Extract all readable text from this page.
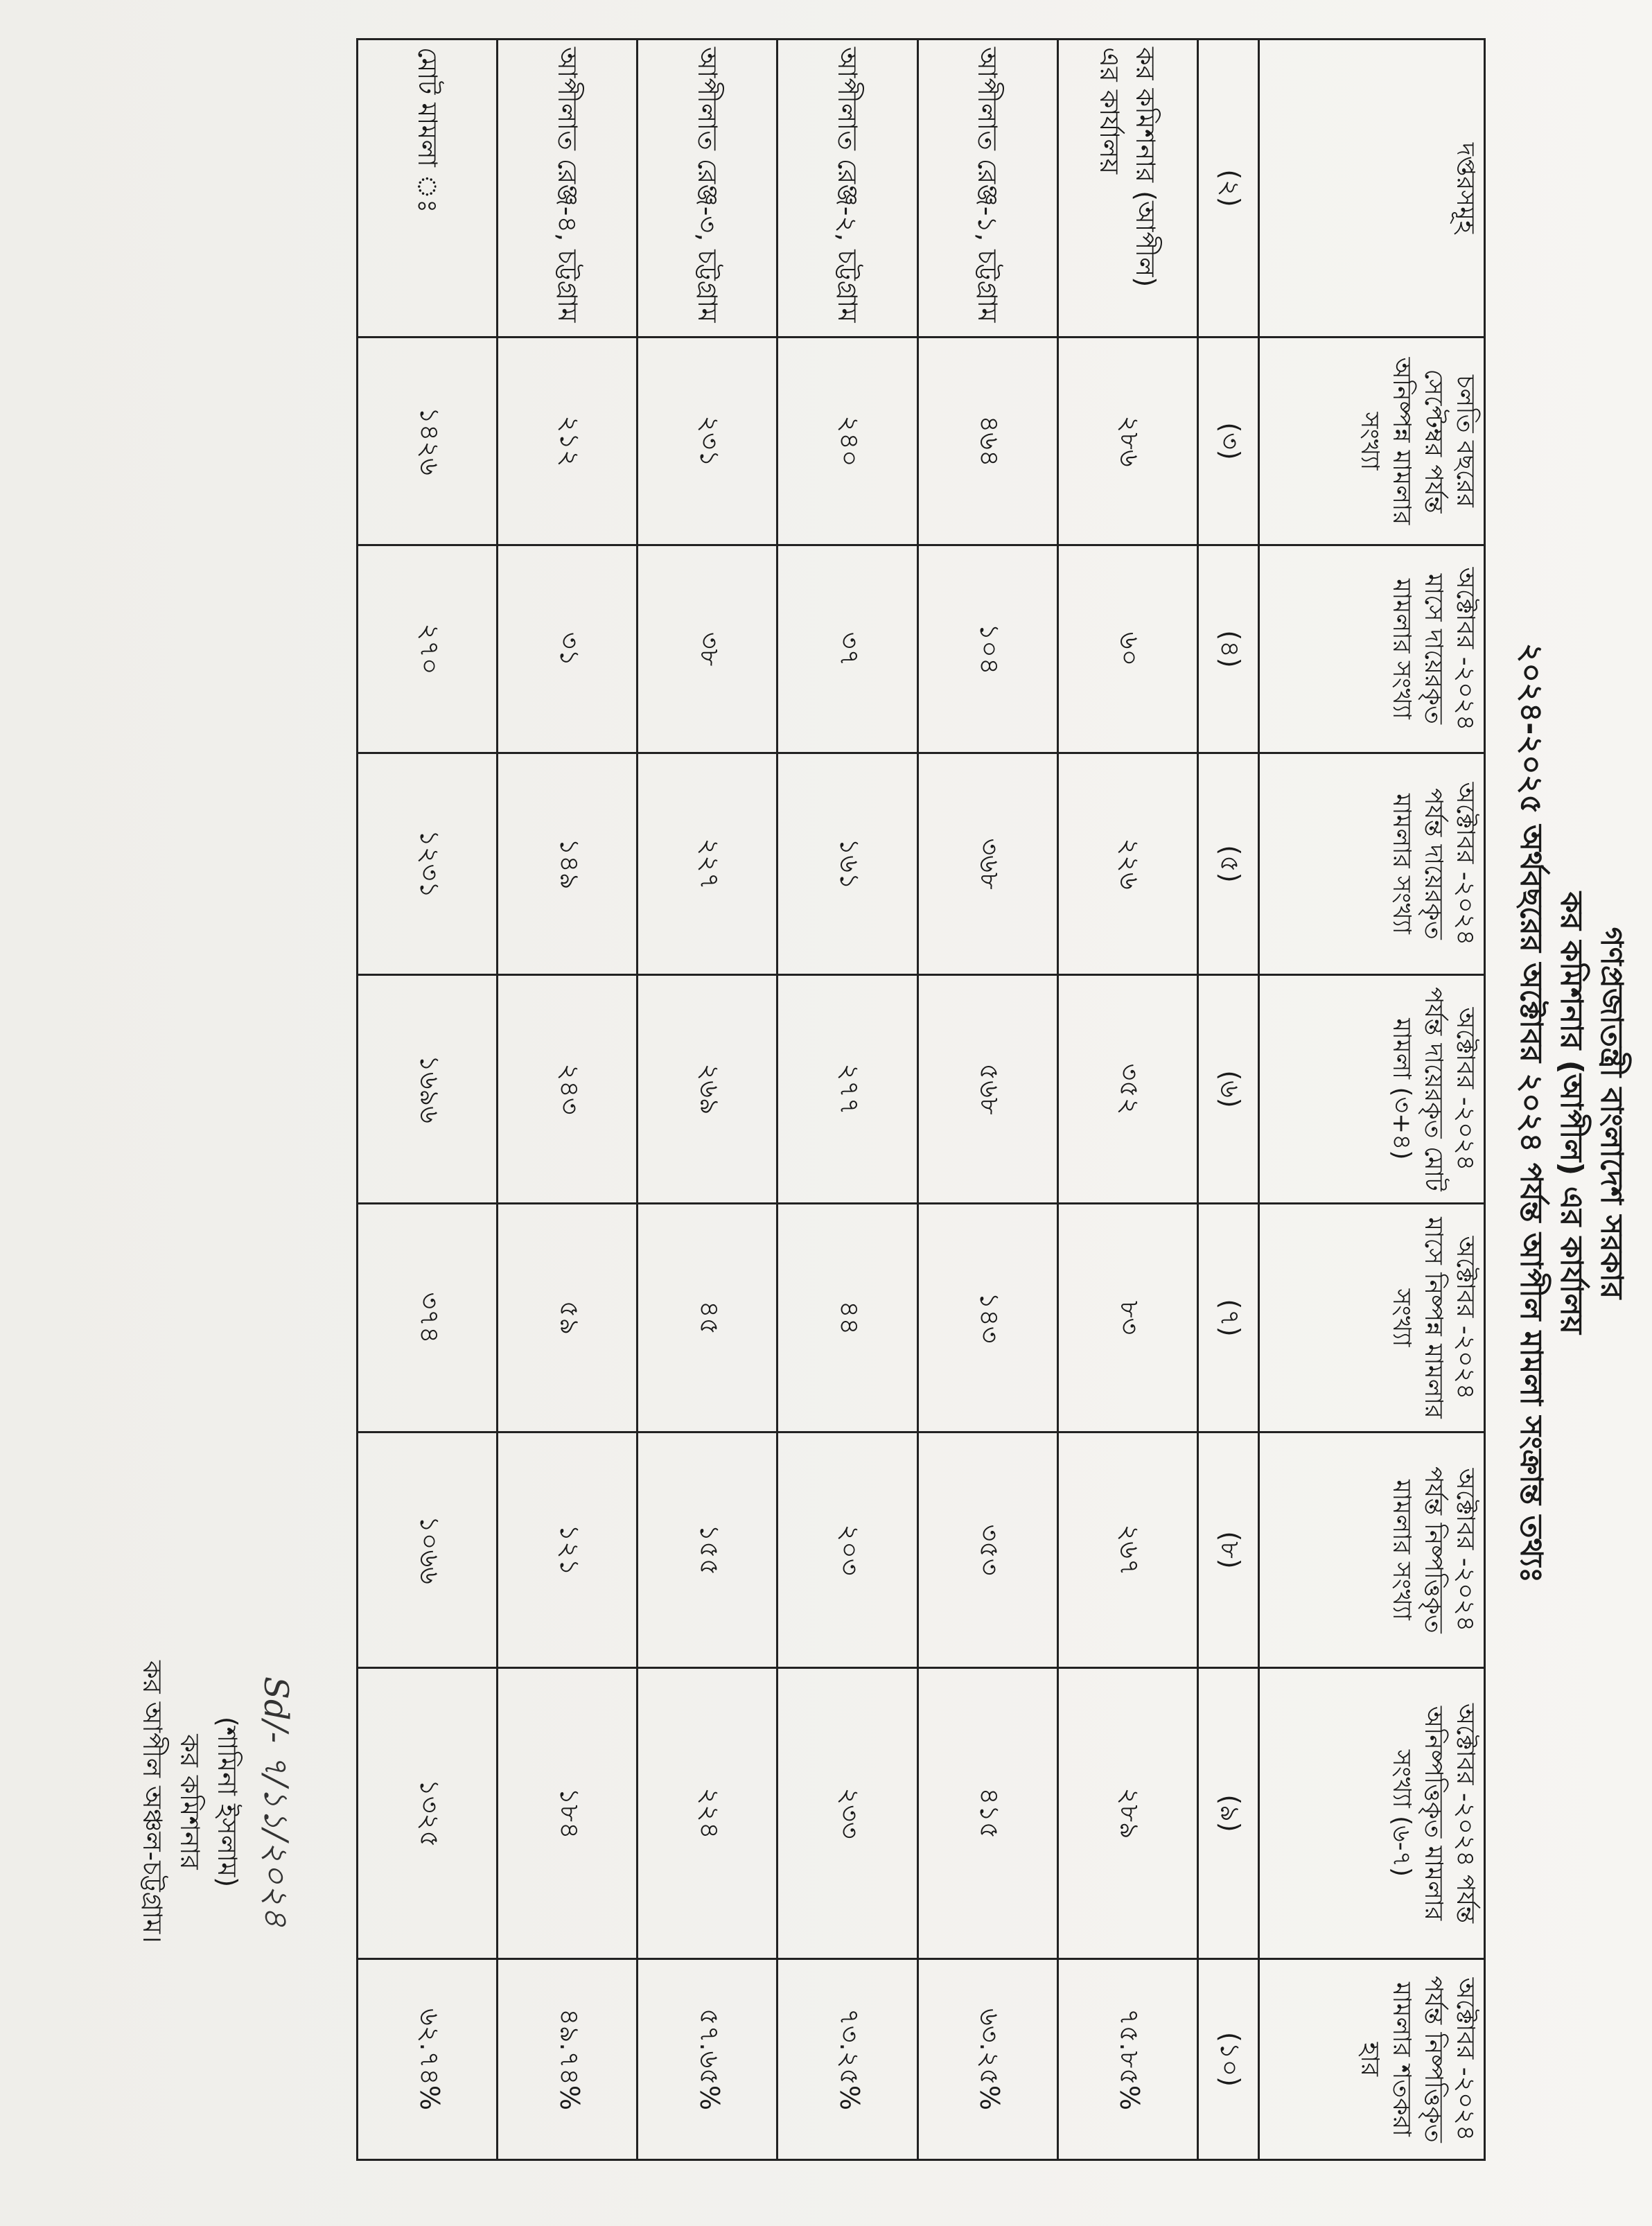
গণপ্রজাতন্ত্রী বাংলাদেশ সরকার
কর কমিশনার (আপীল) এর কার্যালয়
২০২৪-২০২৫ অর্থবছরের অক্টোবর ২০২৪ পর্যন্ত আপীল মামলা সংক্রান্ত তথ্যঃ
দপ্তরসমূহ	চলতি বছরের সেপ্টেম্বর পর্যন্ত অনিষ্পন্ন মামলার সংখ্যা	অক্টোবর -২০২৪ মাসে দায়েরকৃত মামলার সংখ্যা	অক্টোবর -২০২৪ পর্যন্ত দায়েরকৃত মামলার সংখ্যা	অক্টোবর -২০২৪ পর্যন্ত দায়েরকৃত মোট মামলা (৩+৪)	অক্টোবর -২০২৪ মাসে নিষ্পন্ন মামলার সংখ্যা	অক্টোবর -২০২৪ পর্যন্ত নিষ্পত্তিকৃত মামলার সংখ্যা	অক্টোবর -২০২৪ পর্যন্ত অনিষ্পত্তিকৃত মামলার সংখ্যা (৬-৭)	অক্টোবর -২০২৪ পর্যন্ত নিষ্পত্তিকৃত মামলার শতকরা হার
(২)	(৩)	(৪)	(৫)	(৬)	(৭)	(৮)	(৯)	(১০)
কর কমিশনার (আপীল) এর কার্যালয়	২৮৬	৬০	২২৬	৩৫২	৮৩	২৬৭	২৮৯	৭৫.৮৫%
আপীলাত রেঞ্জ-১, চট্টগ্রাম	৪৬৪	১০৪	৩৬৮	৫৬৮	১৪৩	৩৫৩	৪১৫	৬৩.২৫%
আপীলাত রেঞ্জ-২, চট্টগ্রাম	২৪০	৩৭	১৬১	২৭৭	৪৪	২০৩	২৩৩	৭৩.২৫%
আপীলাত রেঞ্জ-৩, চট্টগ্রাম	২৩১	৩৮	২২৭	২৬৯	৪৫	১৫৫	২২৪	৫৭.৬৫%
আপীলাত রেঞ্জ-৪, চট্টগ্রাম	২১২	৩১	১৪৯	২৪৩	৫৯	১২১	১৮৪	৪৯.৭৪%
মোট মামলা ঃ	১৪২৬	২৭০	১২৩১	১৬৯৬	৩৭৪	১০৬৬	১৩২৫	৬২.৭৪%
Sd/- ৭/১১/২০২৪
(শামিনা ইসলাম)
কর কমিশনার
কর আপীল অঞ্চল-চট্টগ্রাম।
